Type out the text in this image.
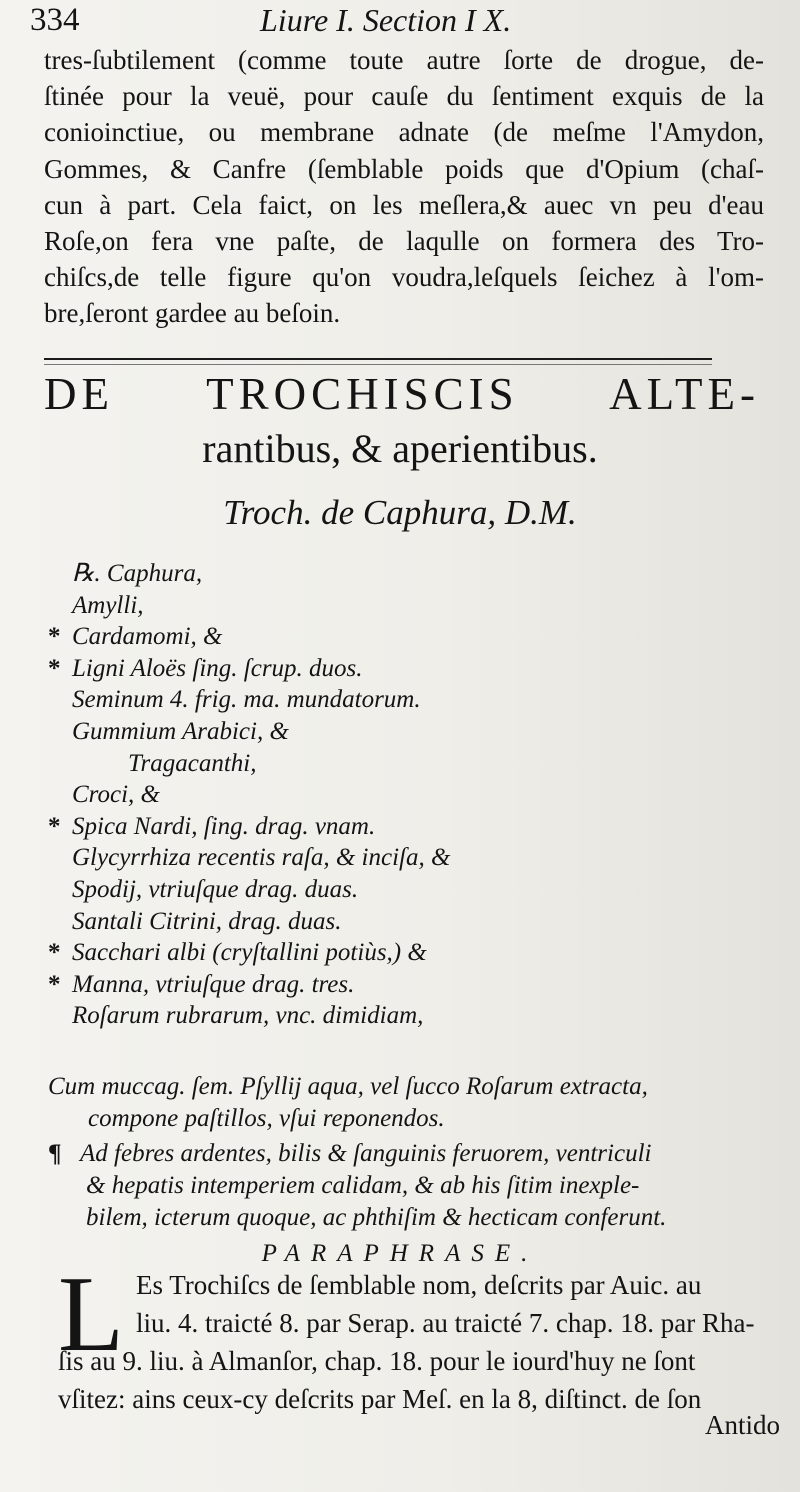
334	Liure I. Section I X.
tres-ſubtilement (comme toute autre ſorte de drogue, de-
ſtinée pour la veuë, pour cauſe du ſentiment exquis de la
conioinctiue, ou membrane adnate (de meſme l'Amydon,
Gommes, & Canfre (ſemblable poids que d'Opium (chaſ-
cun à part. Cela faict, on les meſlera,& auec vn peu d'eau
Roſe,on fera vne paſte, de laqulle on formera des Tro-
chiſcs,de telle figure qu'on voudra,leſquels ſeichez à l'om-
bre,ſeront gardee au beſoin.
DE TROCHISCIS ALTE-
rantibus, & aperientibus.
Troch. de Caphura, D.M.
℞. Caphura,
Amylli,
* Cardamomi, &
* Ligni Aloës ſing. ſcrup. duos.
Seminum 4. frig. ma. mundatorum.
Gummium Arabici, &
Tragacanthi,
Croci, &
* Spica Nardi, ſing. drag. vnam.
Glycyrrhiza recentis raſa, & inciſa, &
Spodij, vtriuſque drag. duas.
Santali Citrini, drag. duas.
* Sacchari albi (cryſtallini potiùs,) &
* Manna, vtriuſque drag. tres.
Roſarum rubrarum, vnc. dimidiam,
Cum muccag. ſem. Pſyllij aqua, vel ſucco Roſarum extracta,
compone paſtillos, vſui reponendos.
¶ Ad febres ardentes, bilis & ſanguinis feruorem, ventriculi
& hepatis intemperiem calidam, & ab his ſitim inexple-
bilem, icterum quoque, ac phthiſim & hecticam conferunt.
PARAPHRASE.
L Es Trochiſcs de ſemblable nom, deſcrits par Auic. au
liu. 4. traicté 8. par Serap. au traicté 7. chap. 18. par Rha-
ſis au 9. liu. à Almanſor, chap. 18. pour le iourd'huy ne ſont
vſitez: ains ceux-cy deſcrits par Meſ. en la 8, diſtinct. de ſon
Antido
